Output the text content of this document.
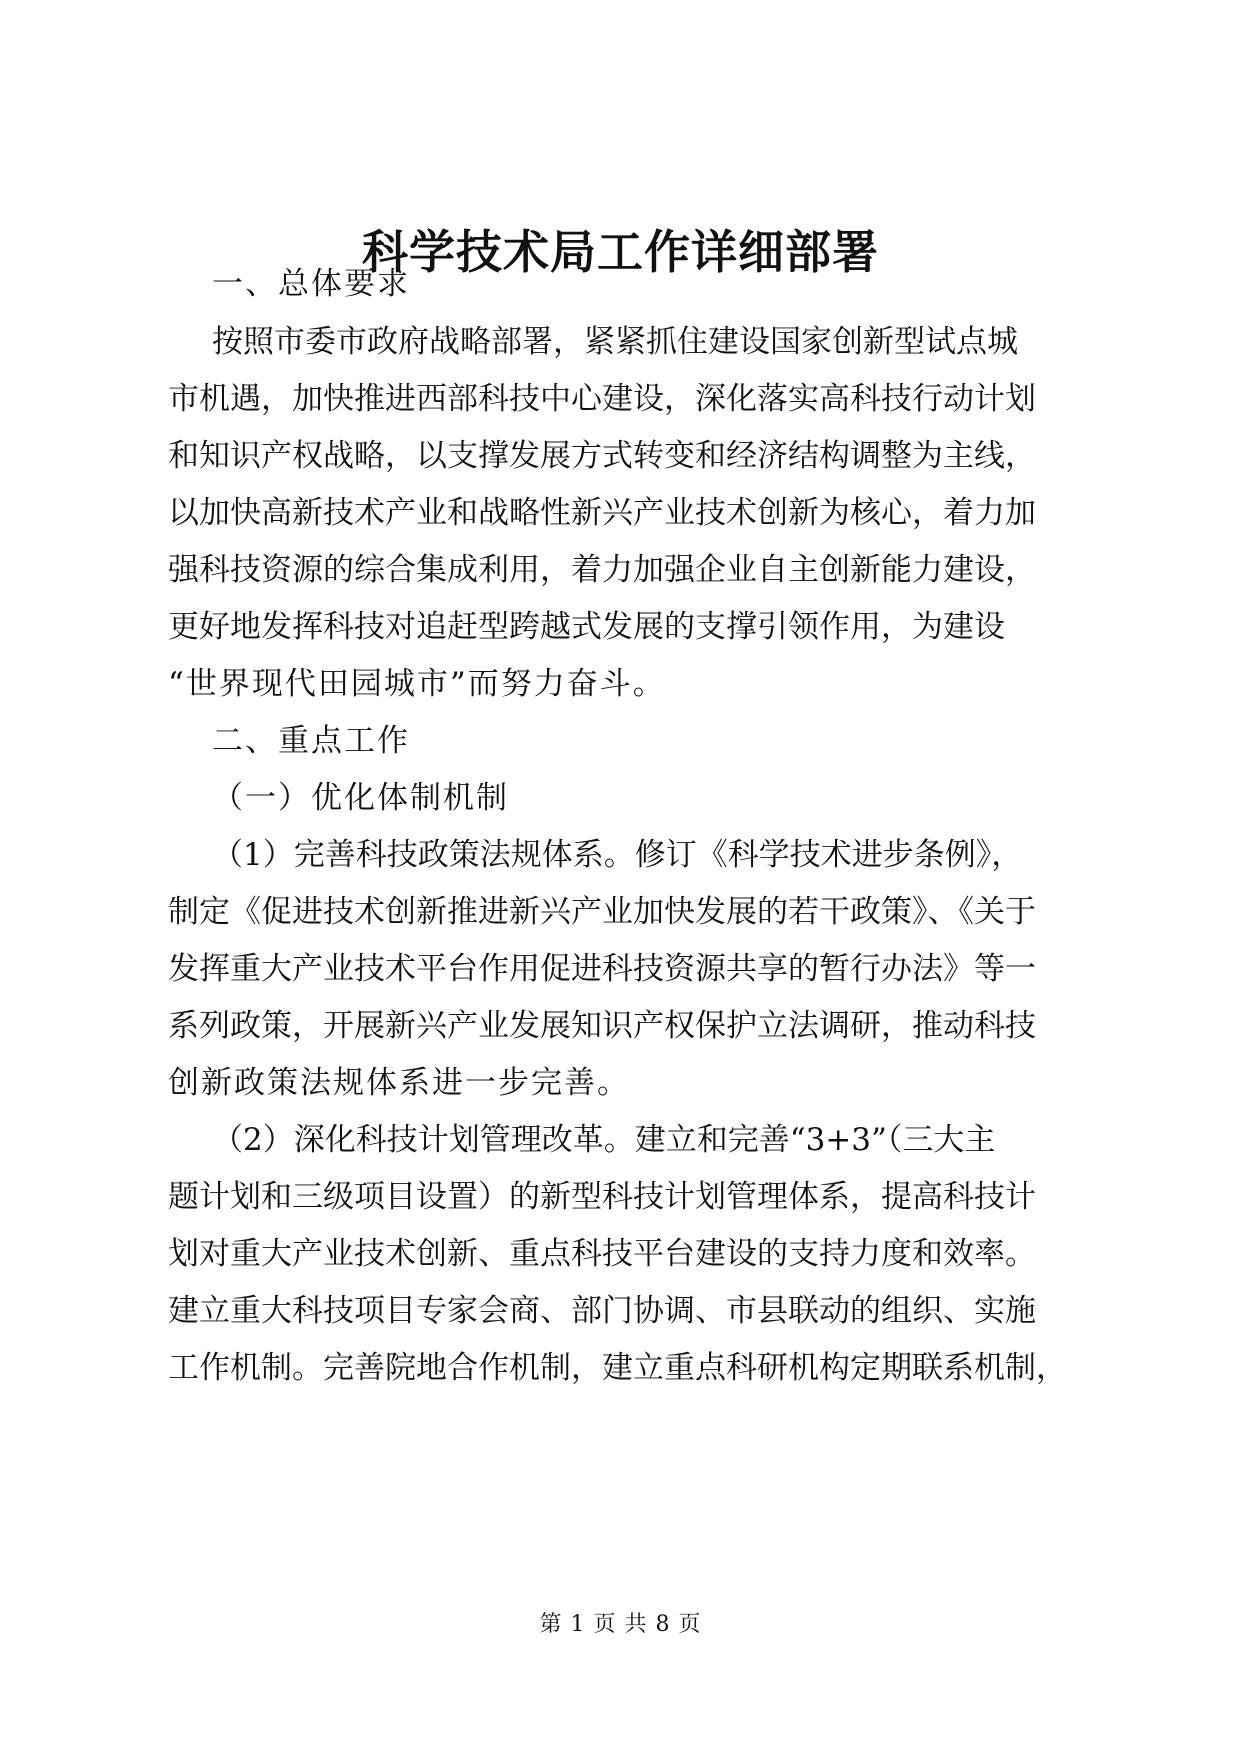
科学技术局工作详细部署
一、总体要求
按照市委市政府战略部署，紧紧抓住建设国家创新型试点城
市机遇，加快推进西部科技中心建设，深化落实高科技行动计划
和知识产权战略，以支撑发展方式转变和经济结构调整为主线，
以加快高新技术产业和战略性新兴产业技术创新为核心，着力加
强科技资源的综合集成利用，着力加强企业自主创新能力建设，
更好地发挥科技对追赶型跨越式发展的支撑引领作用，为建设
“世界现代田园城市”而努力奋斗。
二、重点工作
（一）优化体制机制
（1）完善科技政策法规体系。修订《科学技术进步条例》，
制定《促进技术创新推进新兴产业加快发展的若干政策》、《关于
发挥重大产业技术平台作用促进科技资源共享的暂行办法》等一
系列政策，开展新兴产业发展知识产权保护立法调研，推动科技
创新政策法规体系进一步完善。
（2）深化科技计划管理改革。建立和完善“3+3”（三大主
题计划和三级项目设置）的新型科技计划管理体系，提高科技计
划对重大产业技术创新、重点科技平台建设的支持力度和效率。
建立重大科技项目专家会商、部门协调、市县联动的组织、实施
工作机制。完善院地合作机制，建立重点科研机构定期联系机制，
第 1 页 共 8 页
